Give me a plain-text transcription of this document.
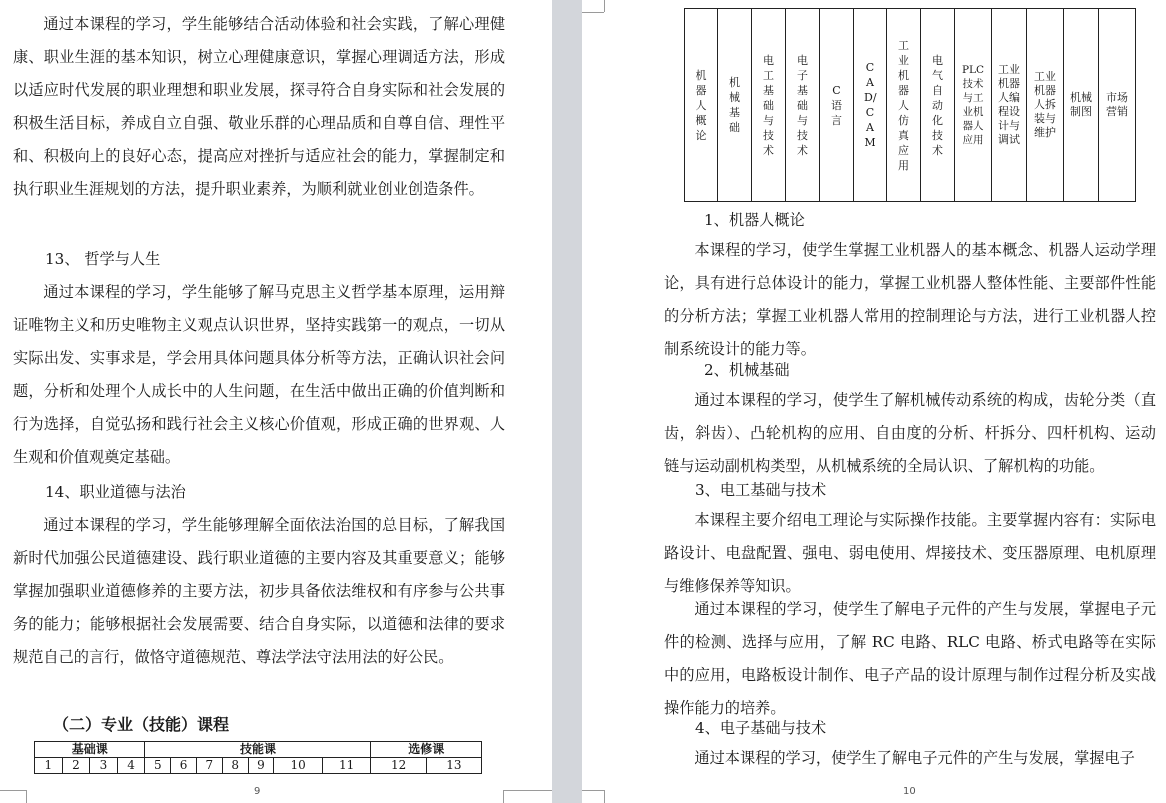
通过本课程的学习，学生能够结合活动体验和社会实践，了解心理健康、职业生涯的基本知识，树立心理健康意识，掌握心理调适方法，形成以适应时代发展的职业理想和职业发展，探寻符合自身实际和社会发展的积极生活目标，养成自立自强、敬业乐群的心理品质和自尊自信、理性平和、积极向上的良好心态，提高应对挫折与适应社会的能力，掌握制定和执行职业生涯规划的方法，提升职业素养，为顺利就业创业创造条件。
13、 哲学与人生
通过本课程的学习，学生能够了解马克思主义哲学基本原理，运用辩证唯物主义和历史唯物主义观点认识世界，坚持实践第一的观点，一切从实际出发、实事求是，学会用具体问题具体分析等方法，正确认识社会问题，分析和处理个人成长中的人生问题，在生活中做出正确的价值判断和行为选择，自觉弘扬和践行社会主义核心价值观，形成正确的世界观、人生观和价值观奠定基础。
14、职业道德与法治
通过本课程的学习，学生能够理解全面依法治国的总目标，了解我国新时代加强公民道德建设、践行职业道德的主要内容及其重要意义；能够掌握加强职业道德修养的主要方法，初步具备依法维权和有序参与公共事务的能力；能够根据社会发展需要、结合自身实际，以道德和法律的要求规范自己的言行，做恪守道德规范、尊法学法守法用法的好公民。
（二）专业（技能）课程
基础课				技能课							选修课	
1	2	3	4	5	6	7	8	9	10	11	12	13
9
机器人概论	机械基础	电工基础与技术	电子基础与技术	C语言	CAD/CAM	工业机器人仿真应用	电气自动化技术	PLC技术与工业机器人应用	工业机器人编程设计与调试	工业机器人拆装与维护	机械制图	市场营销
1、机器人概论
本课程的学习，使学生掌握工业机器人的基本概念、机器人运动学理论，具有进行总体设计的能力，掌握工业机器人整体性能、主要部件性能的分析方法；掌握工业机器人常用的控制理论与方法，进行工业机器人控制系统设计的能力等。
2、机械基础
通过本课程的学习，使学生了解机械传动系统的构成，齿轮分类（直齿，斜齿）、凸轮机构的应用、自由度的分析、杆拆分、四杆机构、运动链与运动副机构类型，从机械系统的全局认识、了解机构的功能。
3、电工基础与技术
本课程主要介绍电工理论与实际操作技能。主要掌握内容有：实际电路设计、电盘配置、强电、弱电使用、焊接技术、变压器原理、电机原理与维修保养等知识。
通过本课程的学习，使学生了解电子元件的产生与发展，掌握电子元件的检测、选择与应用，了解 RC 电路、RLC 电路、桥式电路等在实际中的应用，电路板设计制作、电子产品的设计原理与制作过程分析及实战操作能力的培养。
4、电子基础与技术
通过本课程的学习，使学生了解电子元件的产生与发展，掌握电子
10
